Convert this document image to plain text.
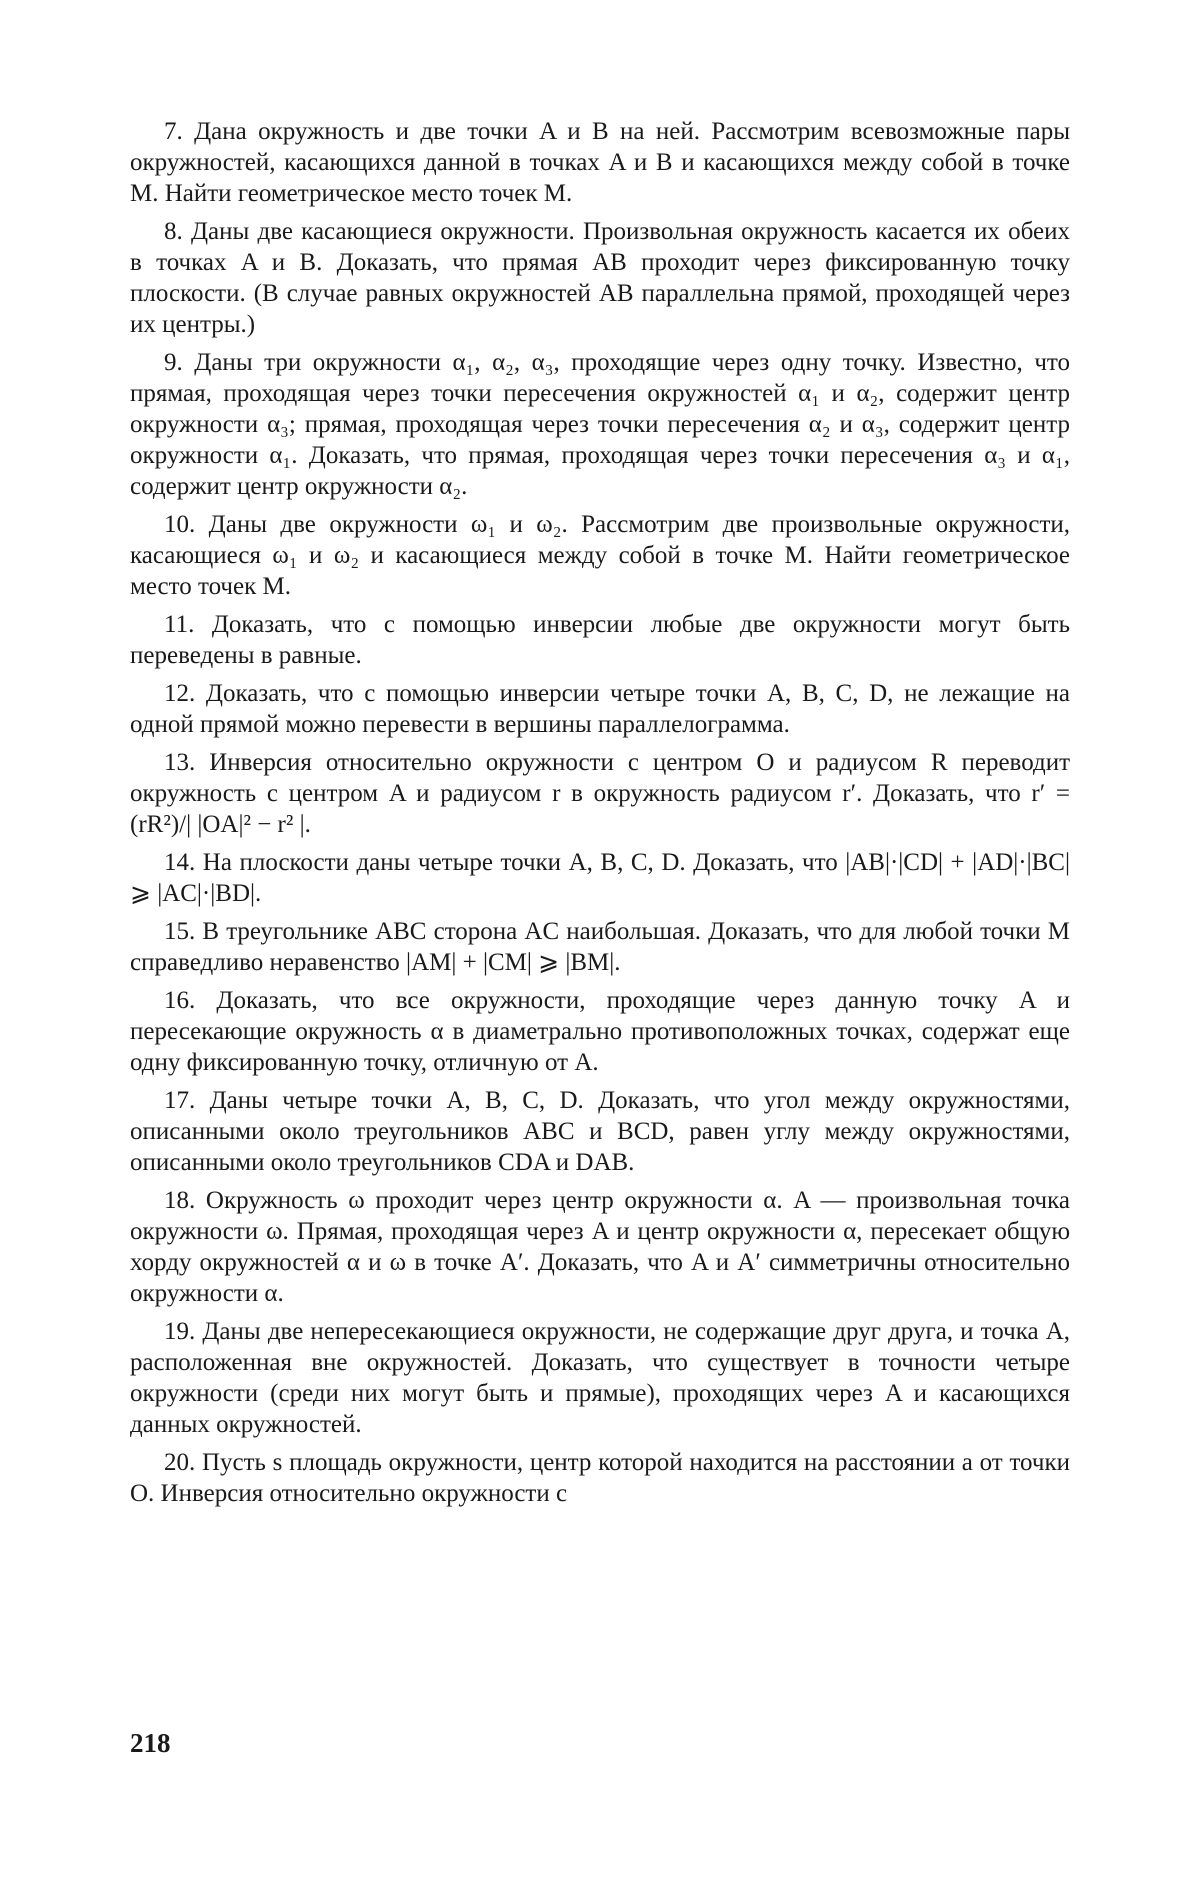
7. Дана окружность и две точки A и B на ней. Рассмотрим всевозможные пары окружностей, касающихся данной в точках A и B и касающихся между собой в точке M. Найти геометрическое место точек M.

8. Даны две касающиеся окружности. Произвольная окружность касается их обеих в точках A и B. Доказать, что прямая AB проходит через фиксированную точку плоскости. (В случае равных окружностей AB параллельна прямой, проходящей через их центры.)

9. Даны три окружности α₁, α₂, α₃, проходящие через одну точку. Известно, что прямая, проходящая через точки пересечения окружностей α₁ и α₂, содержит центр окружности α₃; прямая, проходящая через точки пересечения α₂ и α₃, содержит центр окружности α₁. Доказать, что прямая, проходящая через точки пересечения α₃ и α₁, содержит центр окружности α₂.

10. Даны две окружности ω₁ и ω₂. Рассмотрим две произвольные окружности, касающиеся ω₁ и ω₂ и касающиеся между собой в точке M. Найти геометрическое место точек M.

11. Доказать, что с помощью инверсии любые две окружности могут быть переведены в равные.

12. Доказать, что с помощью инверсии четыре точки A, B, C, D, не лежащие на одной прямой можно перевести в вершины параллелограмма.

13. Инверсия относительно окружности с центром O и радиусом R переводит окружность с центром A и радиусом r в окружность радиусом r′. Доказать, что r′ = (rR²)/| |OA|² − r² |.

14. На плоскости даны четыре точки A, B, C, D. Доказать, что |AB|·|CD| + |AD|·|BC| ⩾ |AC|·|BD|.

15. В треугольнике ABC сторона AC наибольшая. Доказать, что для любой точки M справедливо неравенство |AM| + |CM| ⩾ |BM|.

16. Доказать, что все окружности, проходящие через данную точку A и пересекающие окружность α в диаметрально противоположных точках, содержат еще одну фиксированную точку, отличную от A.

17. Даны четыре точки A, B, C, D. Доказать, что угол между окружностями, описанными около треугольников ABC и BCD, равен углу между окружностями, описанными около треугольников CDA и DAB.

18. Окружность ω проходит через центр окружности α. A — произвольная точка окружности ω. Прямая, проходящая через A и центр окружности α, пересекает общую хорду окружностей α и ω в точке A′. Доказать, что A и A′ симметричны относительно окружности α.

19. Даны две непересекающиеся окружности, не содержащие друг друга, и точка A, расположенная вне окружностей. Доказать, что существует в точности четыре окружности (среди них могут быть и прямые), проходящих через A и касающихся данных окружностей.

20. Пусть s площадь окружности, центр которой находится на расстоянии a от точки O. Инверсия относительно окружности с

218
